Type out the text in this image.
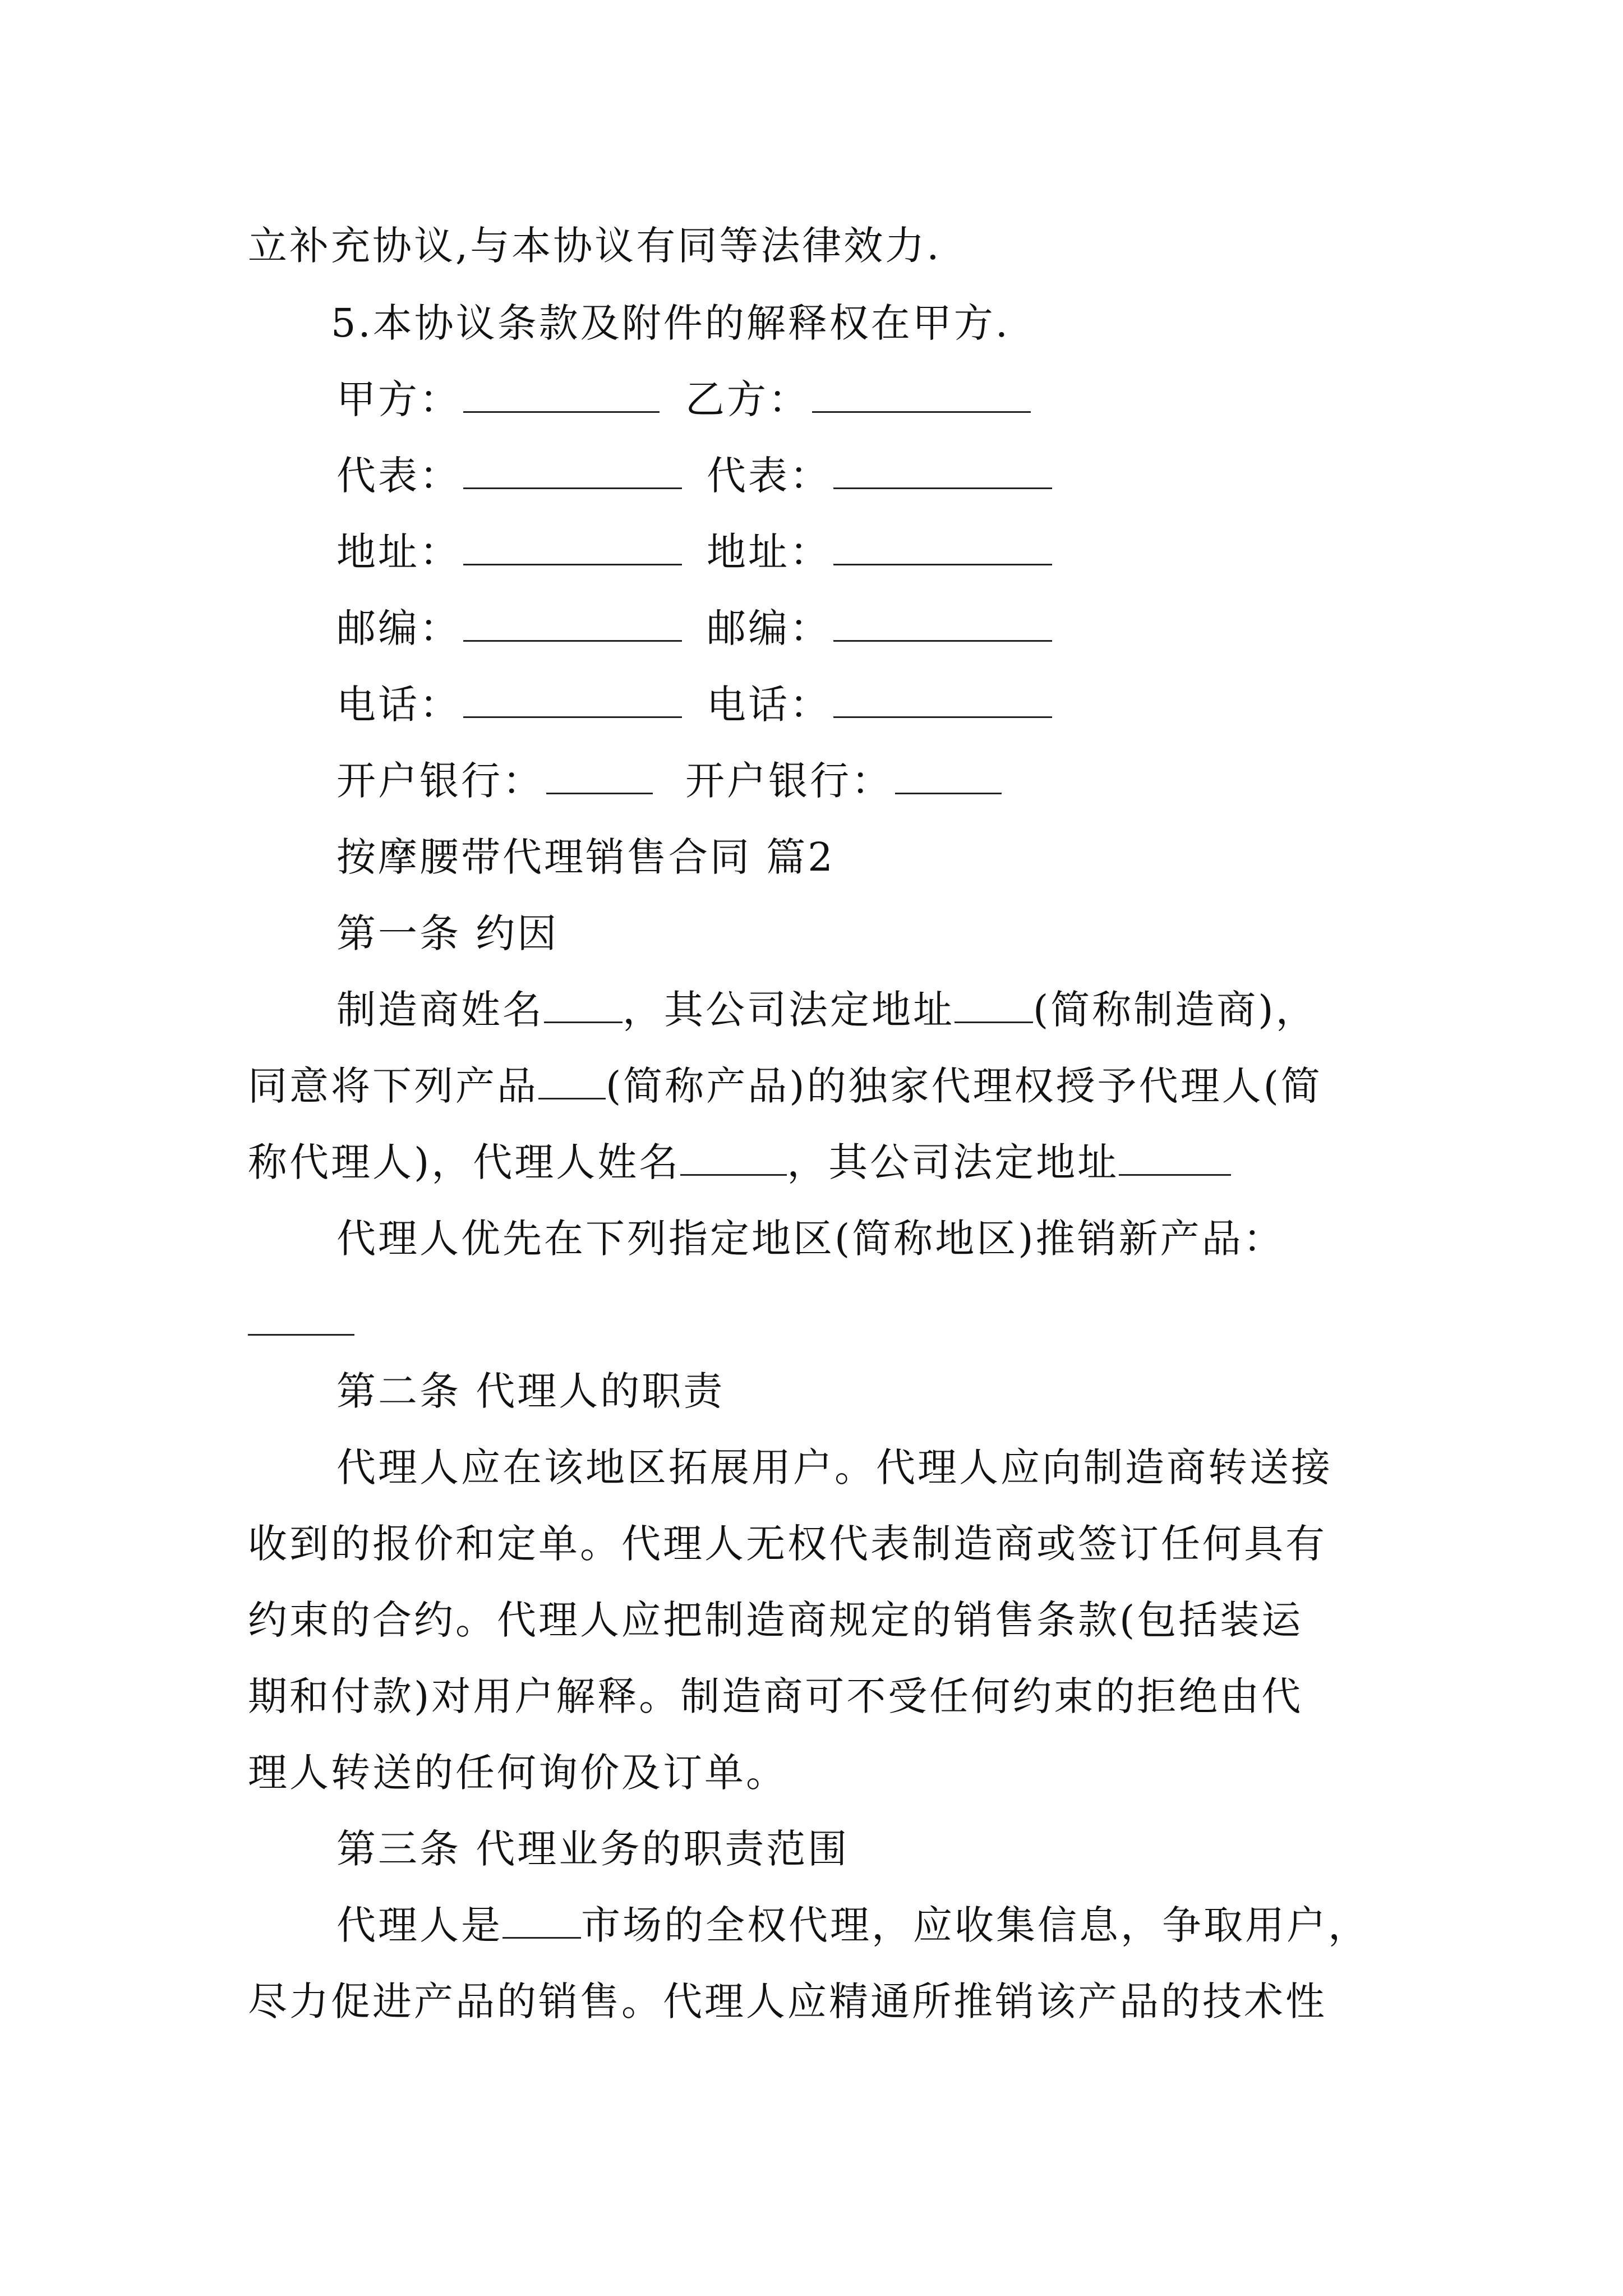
立补充协议,与本协议有同等法律效力.
5.本协议条款及附件的解释权在甲方.
甲方：	乙方：
代表：	代表：
地址：	地址：
邮编：	邮编：
电话：	电话：
开户银行：	开户银行：
按摩腰带代理销售合同 篇2
第一条 约因
制造商姓名 ，其公司法定地址 (简称制造商)，
同意将下列产品 (简称产品)的独家代理权授予代理人(简
称代理人)，代理人姓名	，其公司法定地址
代理人优先在下列指定地区(简称地区)推销新产品：
第二条 代理人的职责
代理人应在该地区拓展用户。代理人应向制造商转送接
收到的报价和定单。代理人无权代表制造商或签订任何具有
约束的合约。代理人应把制造商规定的销售条款(包括装运
期和付款)对用户解释。制造商可不受任何约束的拒绝由代
理人转送的任何询价及订单。
第三条 代理业务的职责范围
代理人是 市场的全权代理，应收集信息，争取用户，
尽力促进产品的销售。代理人应精通所推销该产品的技术性
